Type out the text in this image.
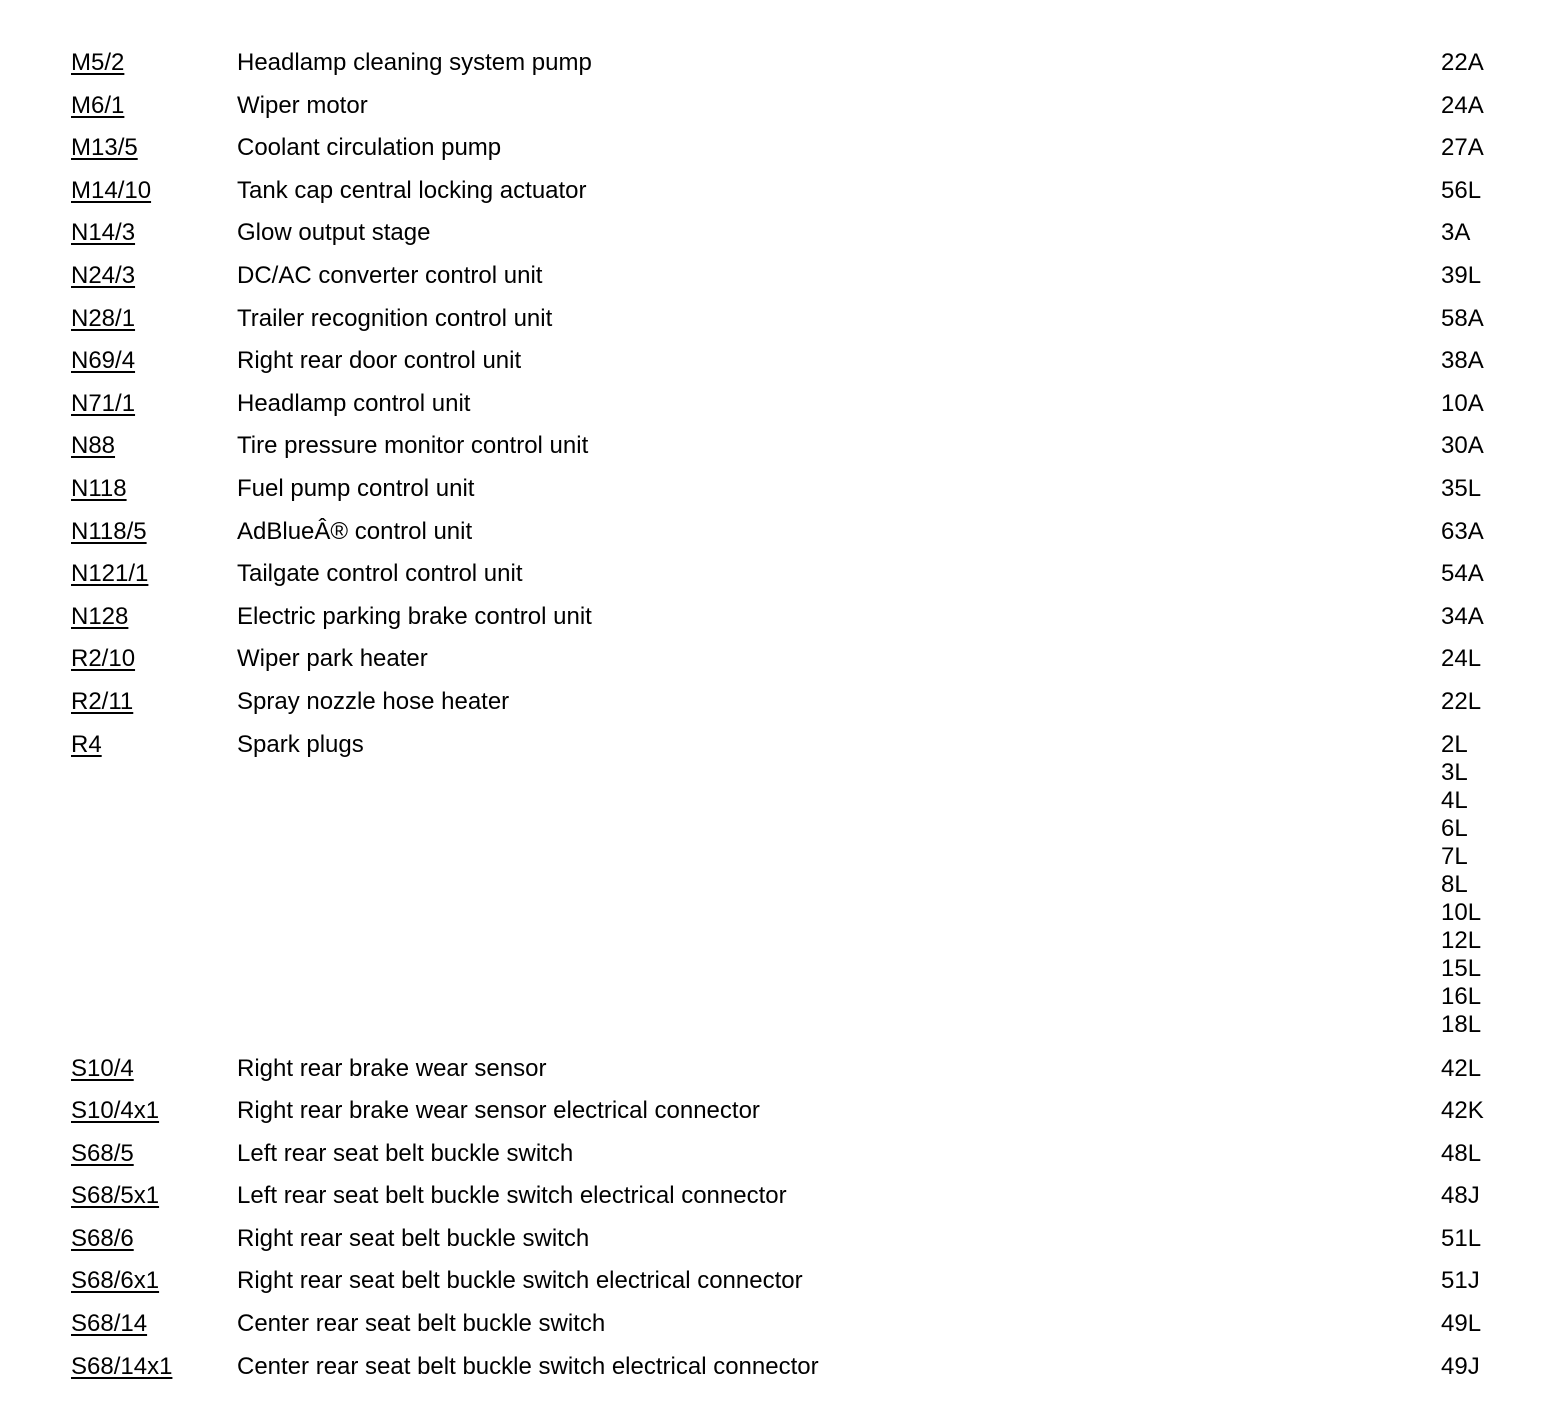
M5/2	Headlamp cleaning system pump	22A
M6/1	Wiper motor	24A
M13/5	Coolant circulation pump	27A
M14/10	Tank cap central locking actuator	56L
N14/3	Glow output stage	3A
N24/3	DC/AC converter control unit	39L
N28/1	Trailer recognition control unit	58A
N69/4	Right rear door control unit	38A
N71/1	Headlamp control unit	10A
N88	Tire pressure monitor control unit	30A
N118	Fuel pump control unit	35L
N118/5	AdBlueÂ® control unit	63A
N121/1	Tailgate control control unit	54A
N128	Electric parking brake control unit	34A
R2/10	Wiper park heater	24L
R2/11	Spray nozzle hose heater	22L
R4	Spark plugs	2L
3L
4L
6L
7L
8L
10L
12L
15L
16L
18L
S10/4	Right rear brake wear sensor	42L
S10/4x1	Right rear brake wear sensor electrical connector	42K
S68/5	Left rear seat belt buckle switch	48L
S68/5x1	Left rear seat belt buckle switch electrical connector	48J
S68/6	Right rear seat belt buckle switch	51L
S68/6x1	Right rear seat belt buckle switch electrical connector	51J
S68/14	Center rear seat belt buckle switch	49L
S68/14x1	Center rear seat belt buckle switch electrical connector	49J
